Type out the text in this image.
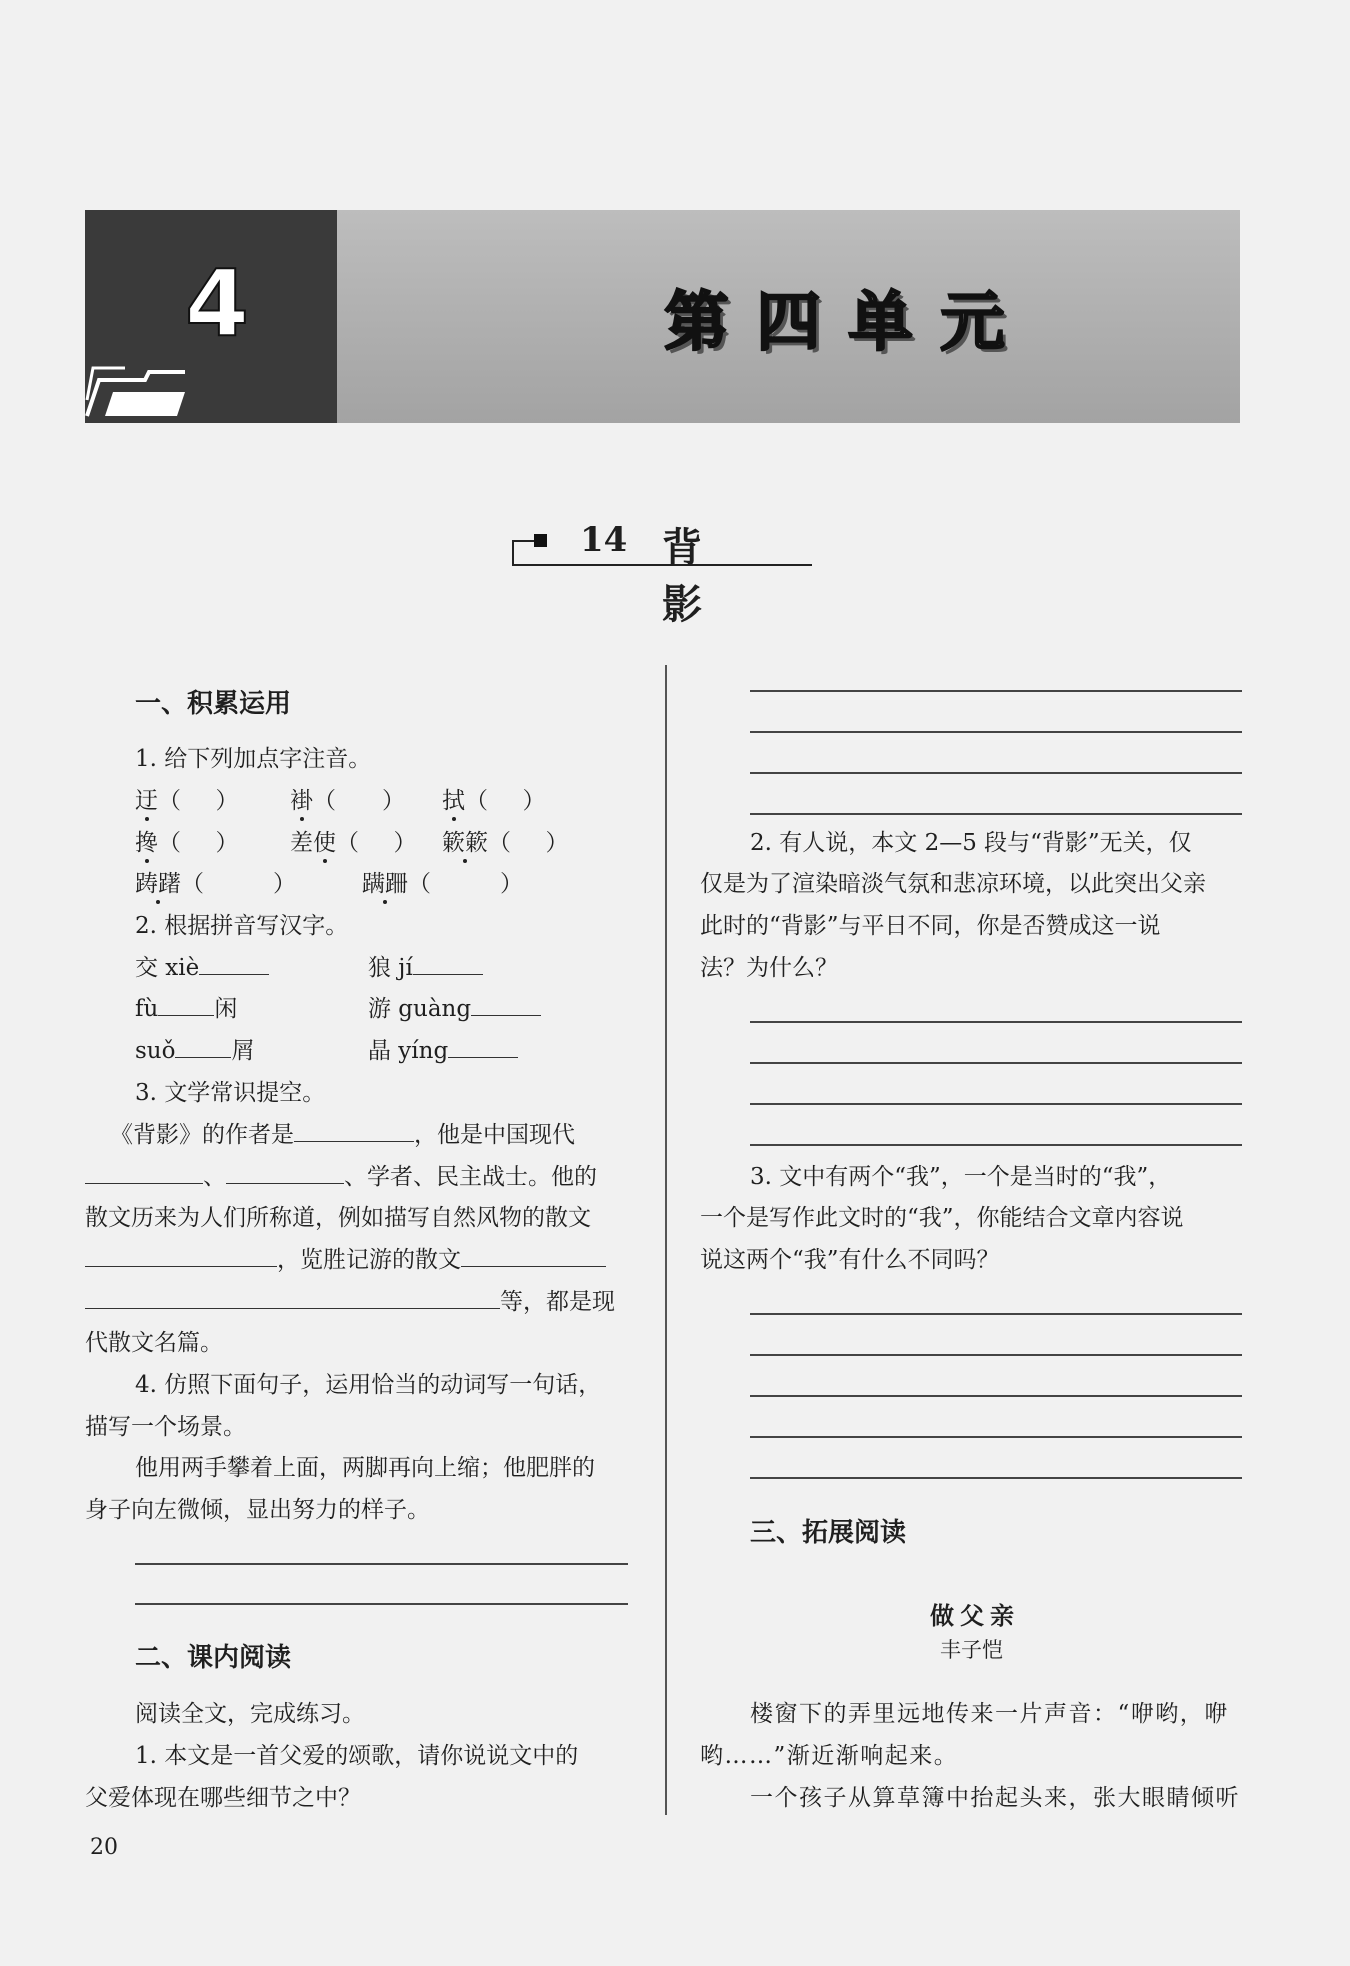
4	第四单元
14 背影
一、积累运用
1. 给下列加点字注音。
迂（  ） 褂（  ） 拭（  ）
搀（  ） 差使（  ） 簌簌（  ）
踌躇（   ）	蹒跚（   ）
2. 根据拼音写汉字。
交 xiè	狼 jí
fù 闲	游 guàng
suǒ 屑	晶 yíng
3. 文学常识提空。
《背影》的作者是	，他是中国现代
、	、学者、民主战士。他的
散文历来为人们所称道，例如描写自然风物的散文
，览胜记游的散文
等，都是现
代散文名篇。
4. 仿照下面句子，运用恰当的动词写一句话，
描写一个场景。
他用两手攀着上面，两脚再向上缩；他肥胖的
身子向左微倾，显出努力的样子。
二、课内阅读
阅读全文，完成练习。
1. 本文是一首父爱的颂歌，请你说说文中的
父爱体现在哪些细节之中？
2. 有人说，本文 2—5 段与“背影”无关，仅
仅是为了渲染暗淡气氛和悲凉环境，以此突出父亲
此时的“背影”与平日不同，你是否赞成这一说
法？为什么？
3. 文中有两个“我”，一个是当时的“我”，
一个是写作此文时的“我”，你能结合文章内容说
说这两个“我”有什么不同吗？
三、拓展阅读
做父亲
丰子恺
楼窗下的弄里远地传来一片声音：“咿哟，咿
哟……”渐近渐响起来。
一个孩子从算草簿中抬起头来，张大眼睛倾听
20
